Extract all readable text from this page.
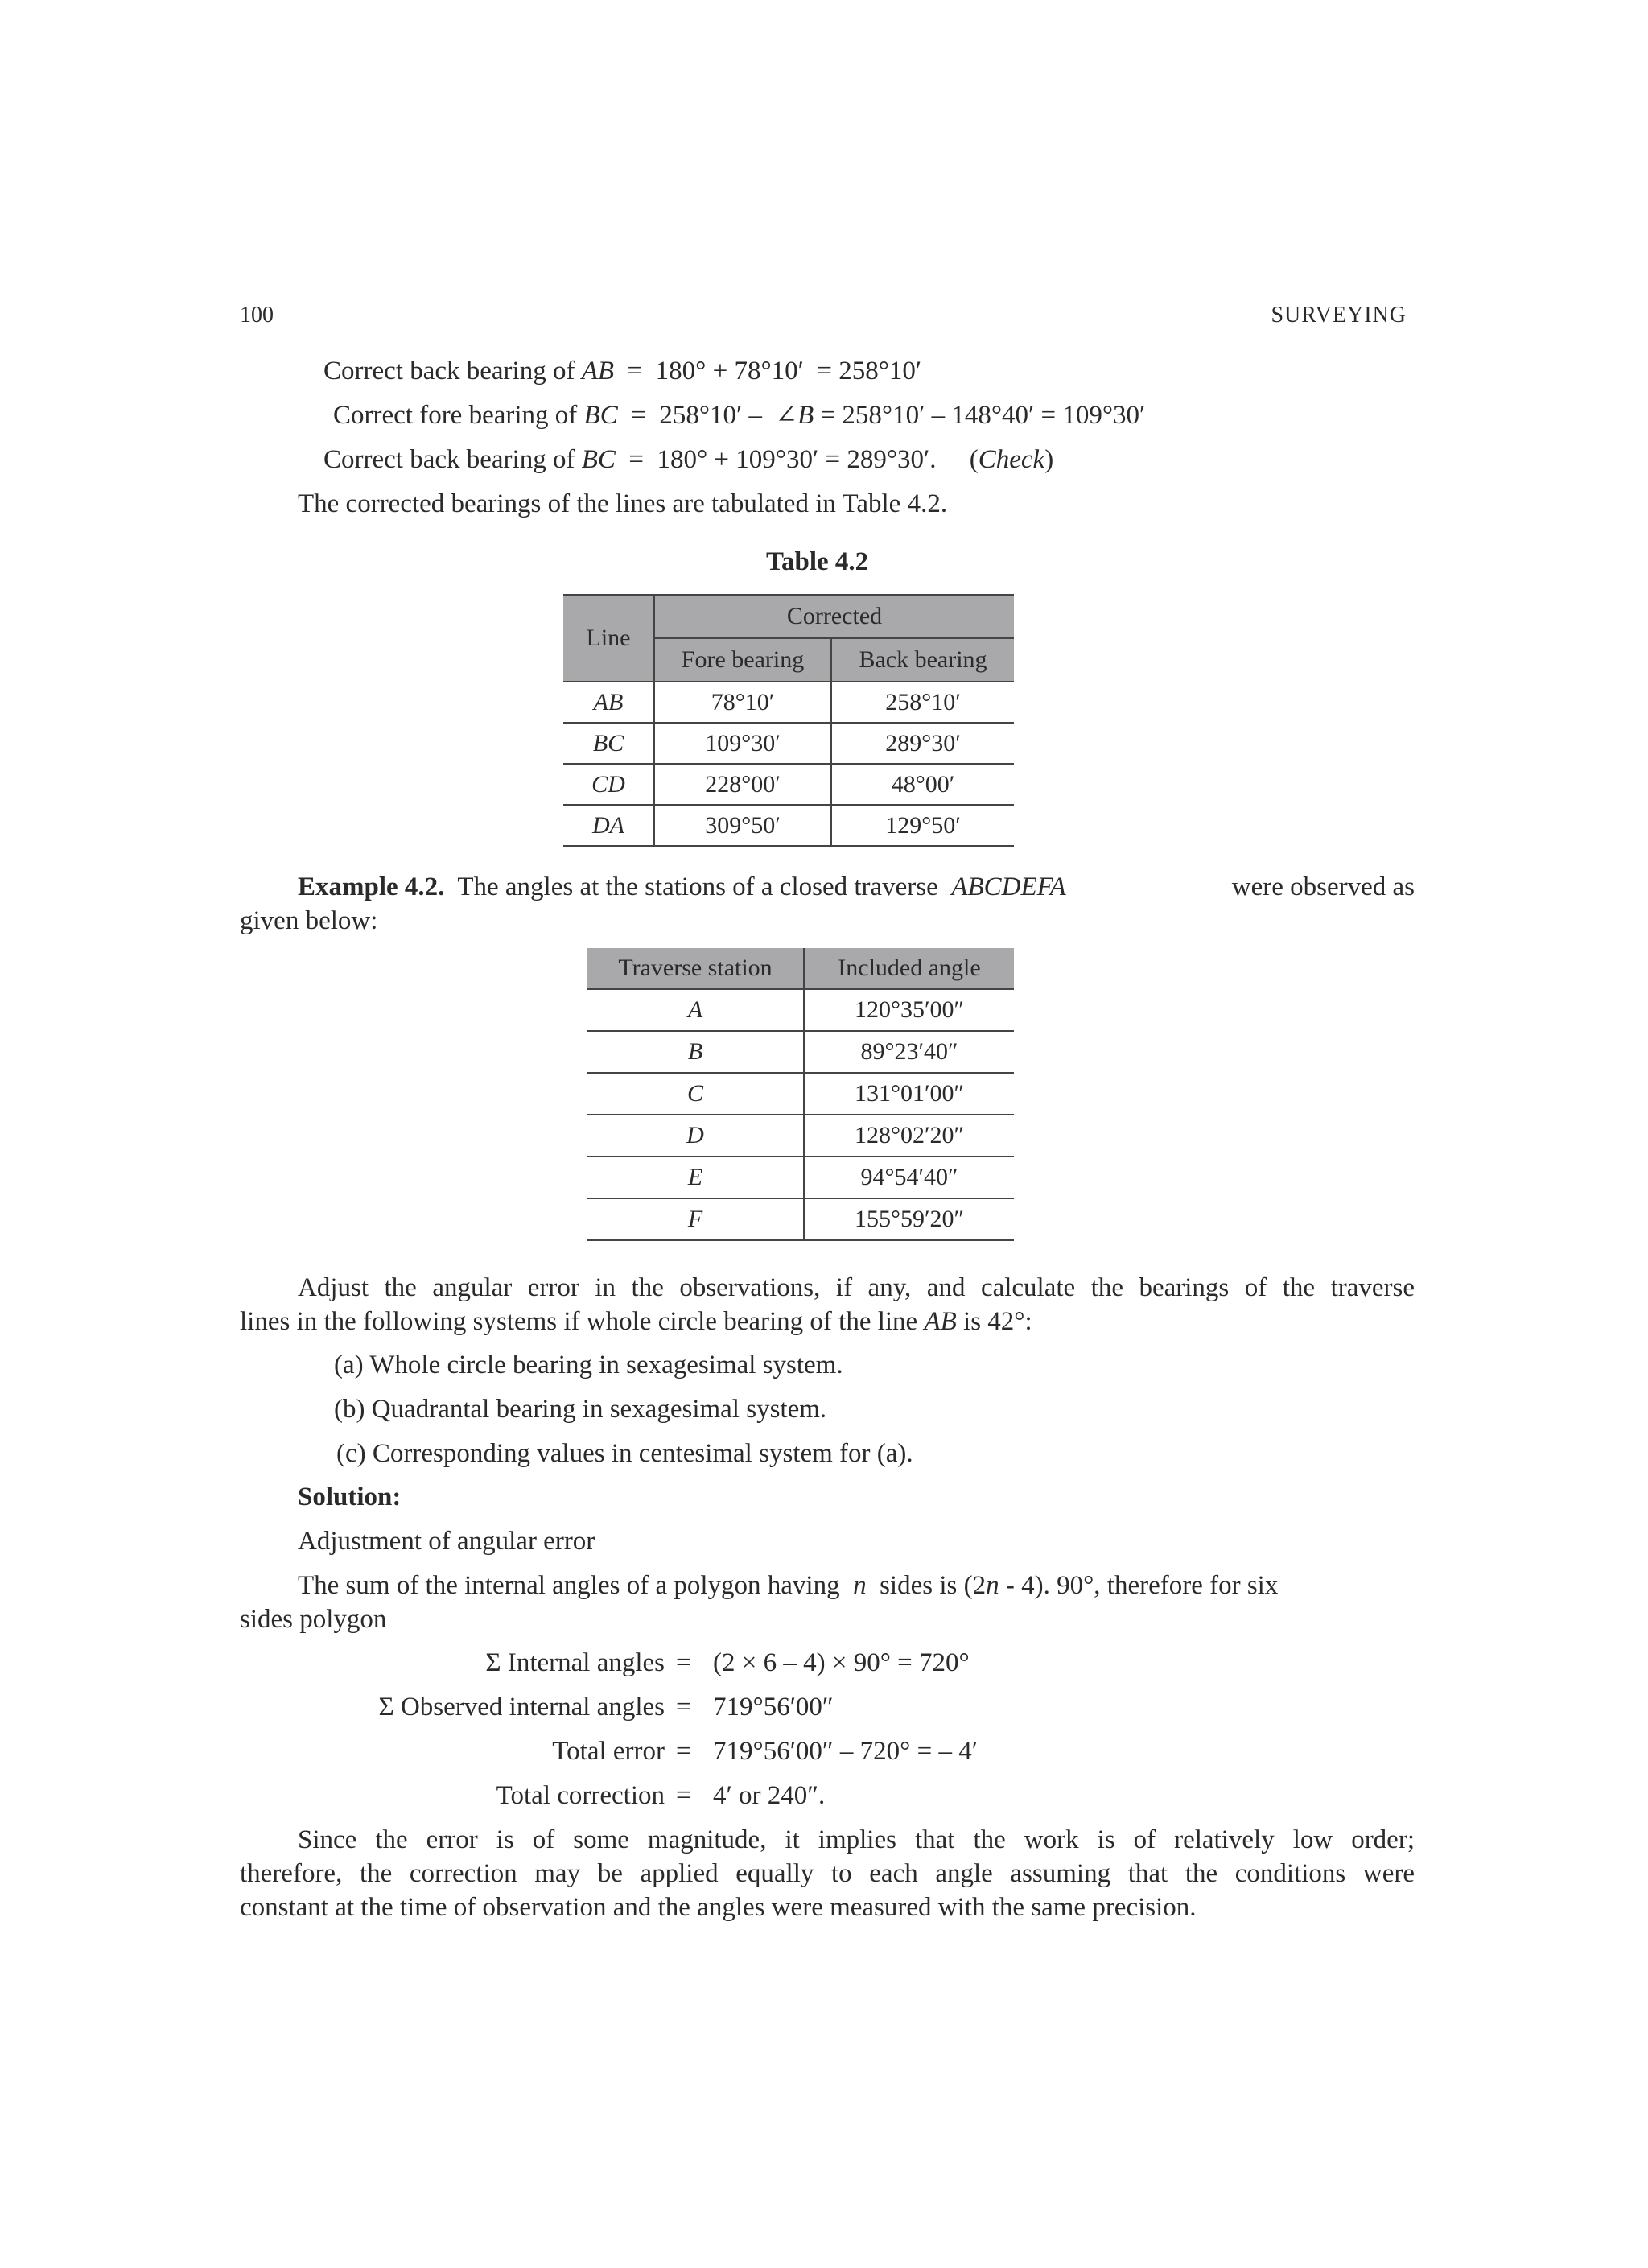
100	SURVEYING
Correct back bearing of AB  =  180° + 78°10′ = 258°10′
Correct fore bearing of BC  =  258°10′ – ∠B = 258°10′ – 148°40′ = 109°30′
Correct back bearing of BC  =  180° + 109°30′ = 289°30′. (Check)
The corrected bearings of the lines are tabulated in Table 4.2.
Table 4.2
Line	Corrected	
	Fore bearing	Back bearing
AB	78°10′	258°10′
BC	109°30′	289°30′
CD	228°00′	48°00′
DA	309°50′	129°50′
Example 4.2. The angles at the stations of a closed traverse ABCDEFA	were observed as
given below:
Traverse station	Included angle
A	120°35′00″
B	89°23′40″
C	131°01′00″
D	128°02′20″
E	94°54′40″
F	155°59′20″
Adjust the angular error in the observations, if any, and calculate the bearings of the traverse
lines in the following systems if whole circle bearing of the line AB is 42°:
(a) Whole circle bearing in sexagesimal system.
(b) Quadrantal bearing in sexagesimal system.
(c) Corresponding values in centesimal system for (a).
Solution:
Adjustment of angular error
The sum of the internal angles of a polygon having n sides is (2n - 4). 90°, therefore for six
sides polygon
Σ Internal angles = (2 × 6 – 4) × 90° = 720°
Σ Observed internal angles = 719°56′00″
Total error = 719°56′00″ – 720° = – 4′
Total correction = 4′ or 240″.
Since the error is of some magnitude, it implies that the work is of relatively low order;
therefore, the correction may be applied equally to each angle assuming that the conditions were
constant at the time of observation and the angles were measured with the same precision.
